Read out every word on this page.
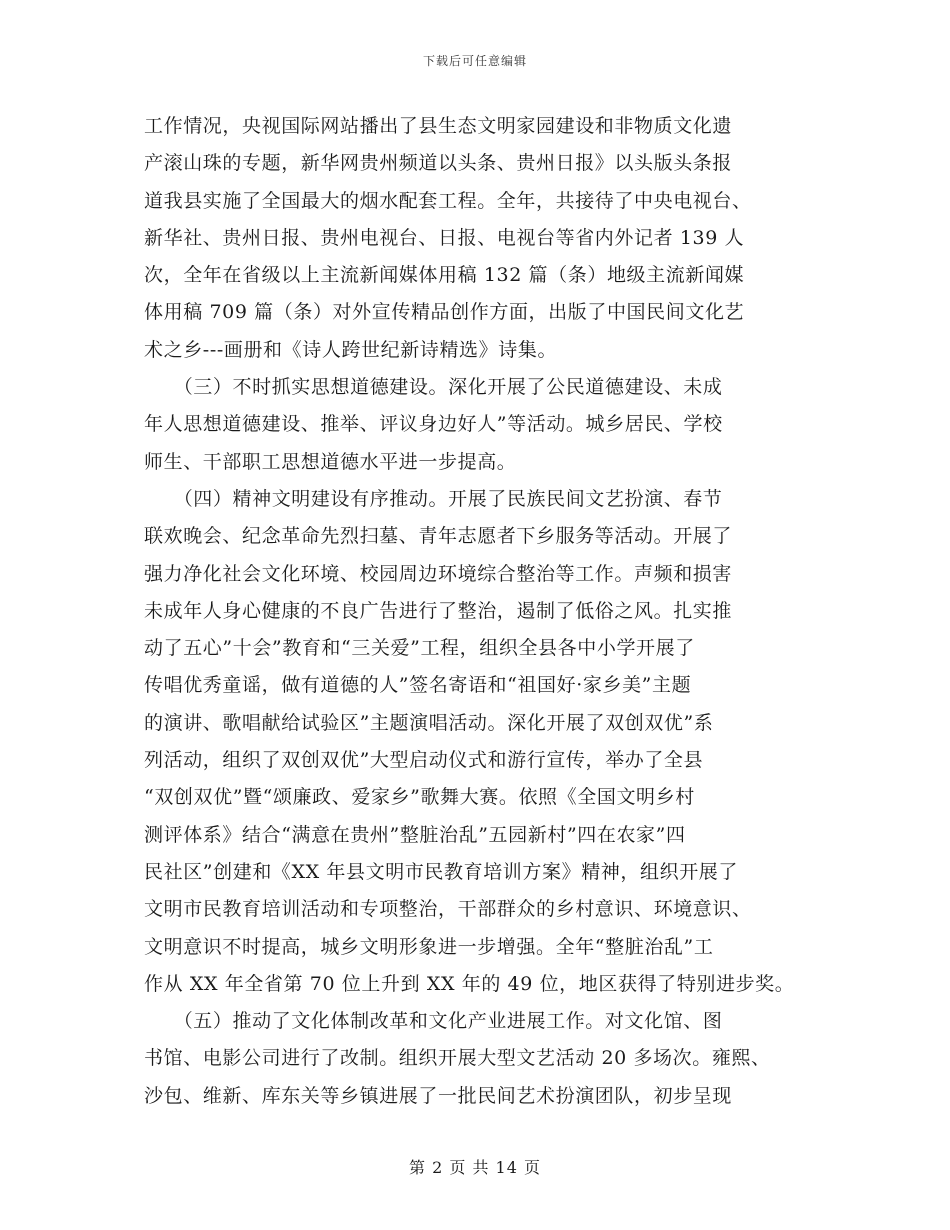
下载后可任意编辑
工作情况，央视国际网站播出了县生态文明家园建设和非物质文化遗
产滚山珠的专题，新华网贵州频道以头条、贵州日报》以头版头条报
道我县实施了全国最大的烟水配套工程。全年，共接待了中央电视台、
新华社、贵州日报、贵州电视台、日报、电视台等省内外记者 139 人
次，全年在省级以上主流新闻媒体用稿 132 篇（条）地级主流新闻媒
体用稿 709 篇（条）对外宣传精品创作方面，出版了中国民间文化艺
术之乡---画册和《诗人跨世纪新诗精选》诗集。
　　（三）不时抓实思想道德建设。深化开展了公民道德建设、未成
年人思想道德建设、推举、评议身边好人”等活动。城乡居民、学校
师生、干部职工思想道德水平进一步提高。
　　（四）精神文明建设有序推动。开展了民族民间文艺扮演、春节
联欢晚会、纪念革命先烈扫墓、青年志愿者下乡服务等活动。开展了
强力净化社会文化环境、校园周边环境综合整治等工作。声频和损害
未成年人身心健康的不良广告进行了整治，遏制了低俗之风。扎实推
动了五心”十会”教育和“三关爱”工程，组织全县各中小学开展了
传唱优秀童谣，做有道德的人”签名寄语和“祖国好·家乡美”主题
的演讲、歌唱献给试验区”主题演唱活动。深化开展了双创双优”系
列活动，组织了双创双优”大型启动仪式和游行宣传，举办了全县
“双创双优”暨“颂廉政、爱家乡”歌舞大赛。依照《全国文明乡村
测评体系》结合“满意在贵州”整脏治乱”五园新村”四在农家”四
民社区”创建和《XX 年县文明市民教育培训方案》精神，组织开展了
文明市民教育培训活动和专项整治，干部群众的乡村意识、环境意识、
文明意识不时提高，城乡文明形象进一步增强。全年“整脏治乱”工
作从 XX 年全省第 70 位上升到 XX 年的 49 位，地区获得了特别进步奖。
　　（五）推动了文化体制改革和文化产业进展工作。对文化馆、图
书馆、电影公司进行了改制。组织开展大型文艺活动 20 多场次。雍熙、
沙包、维新、库东关等乡镇进展了一批民间艺术扮演团队，初步呈现
第 2 页 共 14 页
